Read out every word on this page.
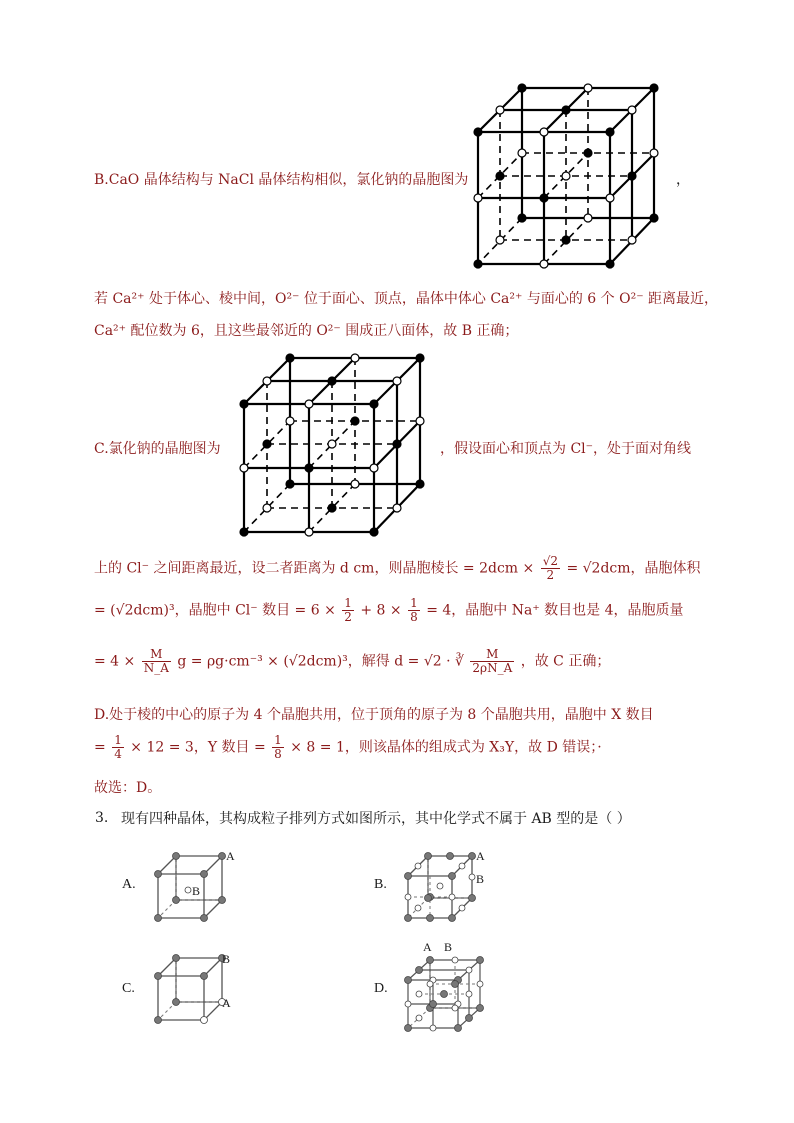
B.CaO 晶体结构与 NaCl 晶体结构相似，氯化钠的晶胞图为	，
若 Ca²⁺ 处于体心、棱中间，O²⁻ 位于面心、顶点，晶体中体心 Ca²⁺ 与面心的 6 个 O²⁻ 距离最近，
Ca²⁺ 配位数为 6，且这些最邻近的 O²⁻ 围成正八面体，故 B 正确；
C.氯化钠的晶胞图为	，假设面心和顶点为 Cl⁻，处于面对角线
上的 Cl⁻ 之间距离最近，设二者距离为 d cm，则晶胞棱长 = $2dcm \times \frac{√2}{2} = √2dcm$，晶胞体积
= (√2dcm)³，晶胞中 Cl⁻ 数目 = $6 \times \frac{1}{2} + 8 \times \frac{1}{8} = 4$，晶胞中 Na⁺ 数目也是 4，晶胞质量
= $4 \times \frac{M}{N\_A}$ g = ρg·cm⁻³ × (√2dcm)³，解得 d = √2 · ∛ $\frac{M}{2\rho N\_A}$ ，故 C 正确；
D.处于棱的中心的原子为 4 个晶胞共用，位于顶角的原子为 8 个晶胞共用，晶胞中 X 数目
= $\frac{1}{4} \times 12 = 3$，Y 数目 = $\frac{1}{8} \times 8 = 1$，则该晶体的组成式为 X₃Y，故 D 错误；·
故选：D。
3. 现有四种晶体，其构成粒子排列方式如图所示，其中化学式不属于 AB 型的是（ ）
A.
A
B	B.
A
B
C.
B
A
D.
A B
